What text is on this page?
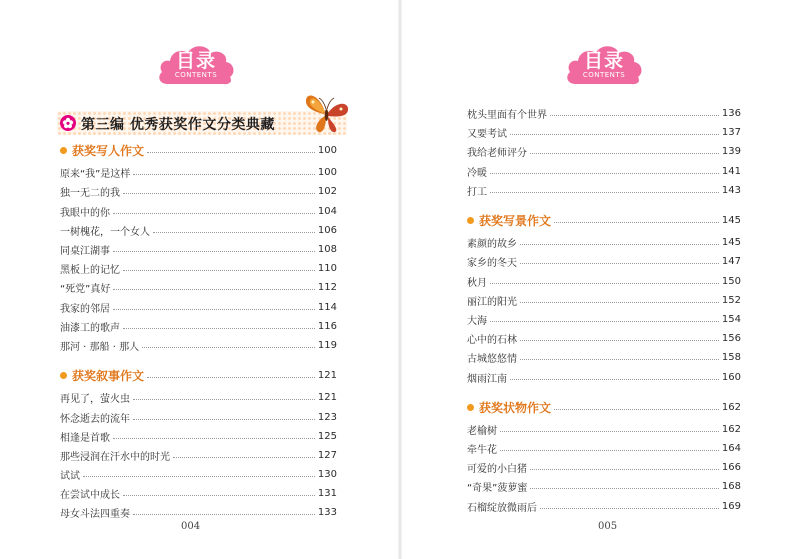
目录
CONTENTS
第三编 优秀获奖作文分类典藏
获奖写人作文	100
原来“我”是这样	100
独一无二的我	102
我眼中的你	104
一树槐花，一个女人	106
同桌江湖事	108
黑板上的记忆	110
“死党”真好	112
我家的邻居	114
油漆工的歌声	116
那河 · 那船 · 那人	119
获奖叙事作文	121
再见了，萤火虫	121
怀念逝去的流年	123
相逢是首歌	125
那些浸润在汗水中的时光	127
试试	130
在尝试中成长	131
母女斗法四重奏	133
004
目录
CONTENTS
005
枕头里面有个世界	136
又要考试	137
我给老师评分	139
冷暖	141
打工	143
获奖写景作文	145
素颜的故乡	145
家乡的冬天	147
秋月	150
丽江的阳光	152
大海	154
心中的石林	156
古城悠悠情	158
烟雨江南	160
获奖状物作文	162
老榆树	162
牵牛花	164
可爱的小白猪	166
“奇果”菠萝蜜	168
石榴绽放微雨后	169
